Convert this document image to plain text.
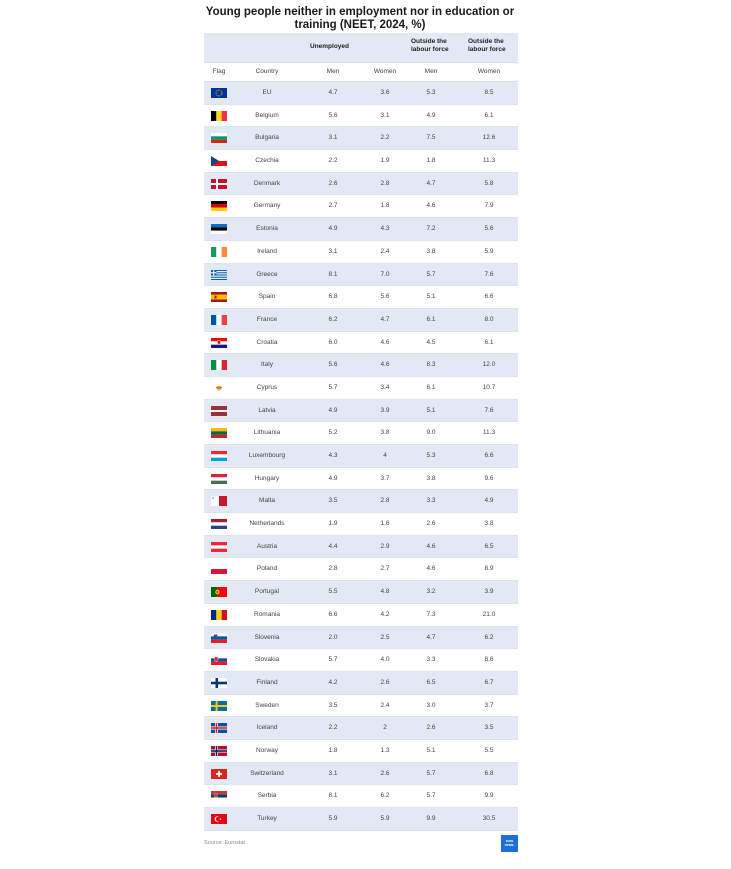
Young people neither in employment nor in education or training (NEET, 2024, %)
Unemployed
Outside the labour force
Outside the labour force
Flag	Country	Men	Women	Men	Women
EU	4.7	3.6	5.3	8.5
Belgium	5.6	3.1	4.9	6.1
Bulgaria	3.1	2.2	7.5	12.6
Czechia	2.2	1.9	1.8	11.3
Denmark	2.6	2.8	4.7	5.8
Germany	2.7	1.8	4.6	7.9
Estonia	4.9	4.3	7.2	5.6
Ireland	3.1	2.4	3.8	5.9
Greece	8.1	7.0	5.7	7.6
Spain	6.8	5.6	5.1	6.6
France	6.2	4.7	6.1	8.0
Croatia	6.0	4.6	4.5	6.1
Italy	5.6	4.6	8.3	12.0
Cyprus	5.7	3.4	6.1	10.7
Latvia	4.9	3.9	5.1	7.6
Lithuania	5.2	3.8	9.0	11.3
Luxembourg	4.3	4	5.3	6.6
Hungary	4.9	3.7	3.8	9.6
Malta	3.5	2.8	3.3	4.9
Netherlands	1.9	1.6	2.6	3.8
Austria	4.4	2.9	4.6	6.5
Poland	2.8	2.7	4.6	8.9
Portugal	5.5	4.8	3.2	3.9
Romania	6.6	4.2	7.3	21.0
Slovenia	2.0	2.5	4.7	6.2
Slovakia	5.7	4.0	3.3	8.6
Finland	4.2	2.6	6.5	6.7
Sweden	3.5	2.4	3.0	3.7
Iceland	2.2	2	2.6	3.5
Norway	1.8	1.3	5.1	5.5
Switzerland	3.1	2.6	5.7	6.8
Serbia	8.1	6.2	5.7	9.9
Turkey	5.9	5.9	9.9	30.5
Source: Eurostat	euro news.
